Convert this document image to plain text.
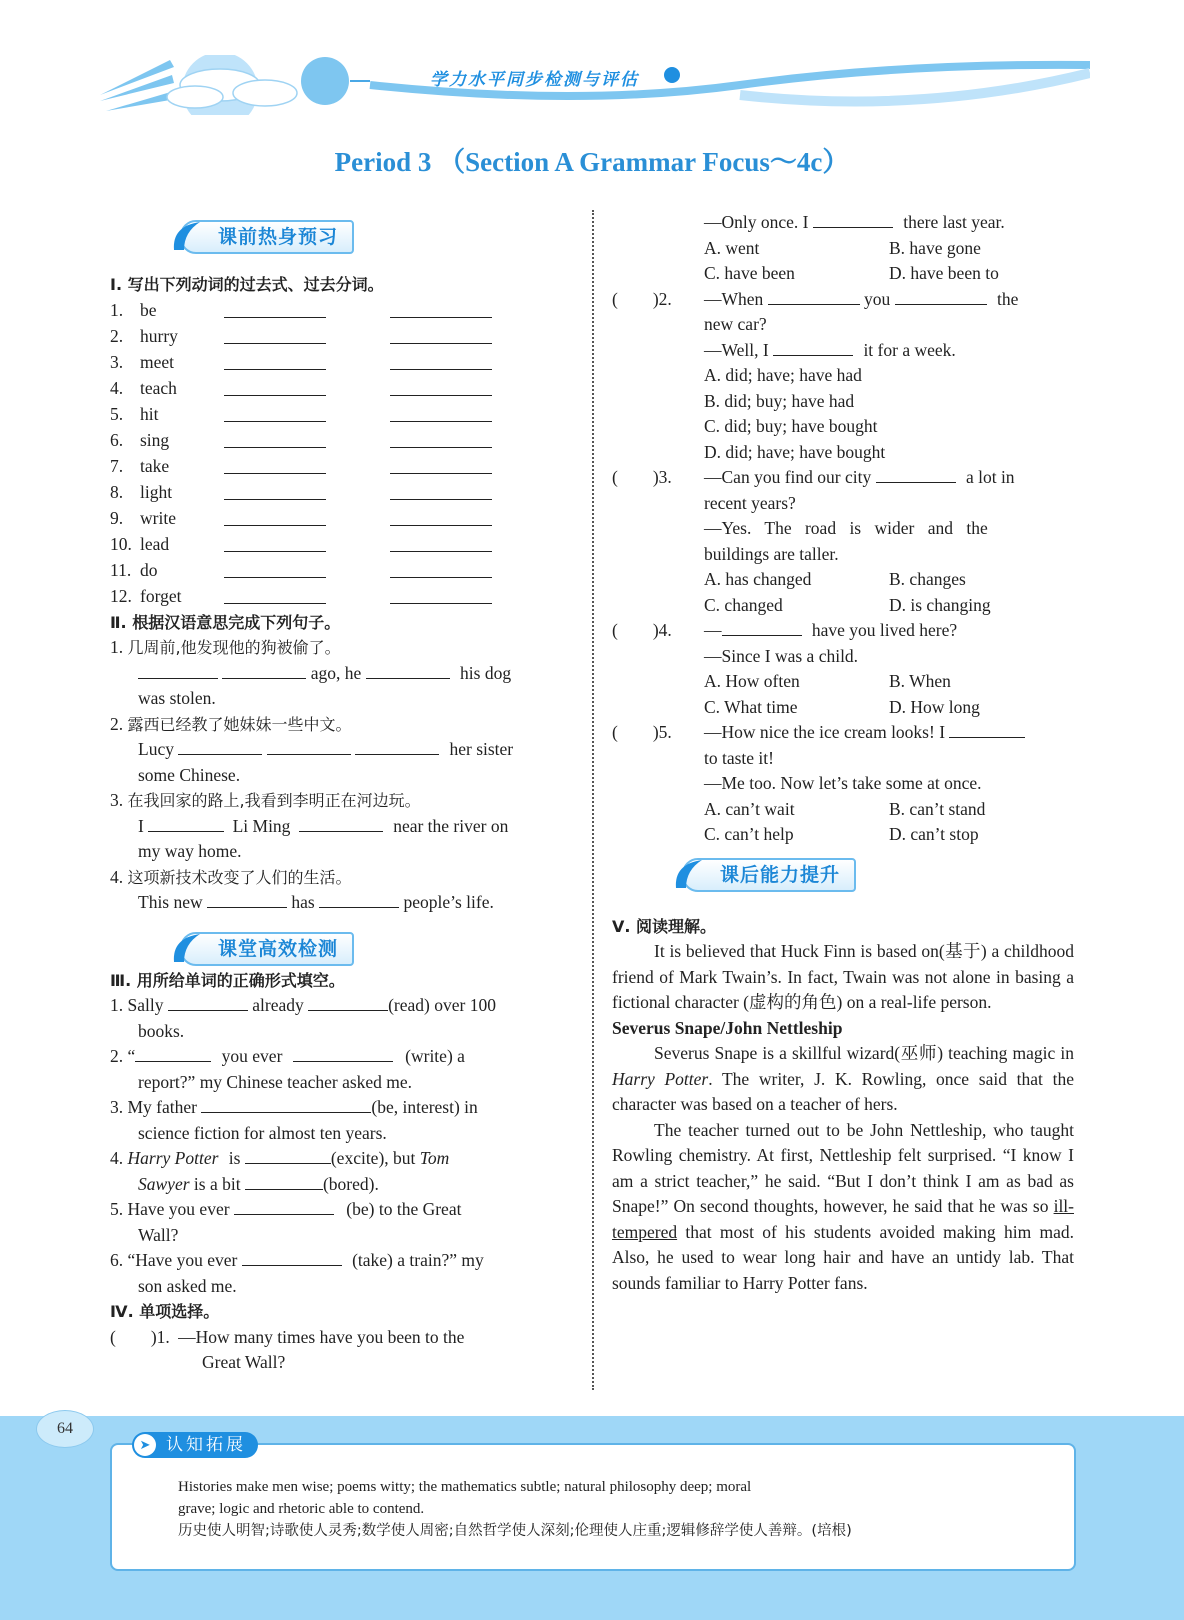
学力水平同步检测与评估
Period 3 （Section A Grammar Focus～4c）
课前热身预习
课堂高效检测
课后能力提升
Ⅰ. 写出下列动词的过去式、过去分词。
1. be
2. hurry
3. meet
4. teach
5. hit
6. sing
7. take
8. light
9. write
10. lead
11. do
12. forget
Ⅱ. 根据汉语意思完成下列句子。
1. 几周前,他发现他的狗被偷了。
ago, he	his dog
was stolen.
2. 露西已经教了她妹妹一些中文。
Lucy	her sister
some Chinese.
3. 在我回家的路上,我看到李明正在河边玩。
I	Li Ming	near the river on
my way home.
4. 这项新技术改变了人们的生活。
This new	has	people’s life.
Ⅲ. 用所给单词的正确形式填空。
1. Sally	already	(read) over 100
books.
2. “	you ever	(write) a
report?” my Chinese teacher asked me.
3. My father	(be, interest) in
science fiction for almost ten years.
4. Harry Potter is	(excite), but Tom
Sawyer is a bit	(bored).
5. Have you ever	(be) to the Great
Wall?
6. “Have you ever	(take) a train?” my
son asked me.
Ⅳ. 单项选择。
(　　)1. —How many times have you been to the
Great Wall?
—Only once. I	there last year.
A. went	B. have gone
C. have been	D. have been to
(　　)2. —When	you	the
new car?
—Well, I	it for a week.
A. did; have; have had
B. did; buy; have had
C. did; buy; have bought
D. did; have; have bought
(　　)3. —Can you find our city	a lot in
recent years?
—Yes. The road is wider and the
buildings are taller.
A. has changed	B. changes
C. changed	D. is changing
(　　)4. —	have you lived here?
—Since I was a child.
A. How often	B. When
C. What time	D. How long
(　　)5. —How nice the ice cream looks! I
to taste it!
—Me too. Now let’s take some at once.
A. can’t wait	B. can’t stand
C. can’t help	D. can’t stop
Ⅴ. 阅读理解。
It is believed that Huck Finn is based on(基于) a childhood friend of Mark Twain’s. In fact, Twain was not alone in basing a fictional character (虚构的角色) on a real-life person.
Severus Snape/John Nettleship
Severus Snape is a skillful wizard(巫师) teaching magic in Harry Potter. The writer, J. K. Rowling, once said that the character was based on a teacher of hers.
The teacher turned out to be John Nettleship, who taught Rowling chemistry. At first, Nettleship felt surprised. “I know I am a strict teacher,” he said. “But I don’t think I am as bad as Snape!” On second thoughts, however, he said that he was so ill-tempered that most of his students avoided making him mad. Also, he used to wear long hair and have an untidy lab. That sounds familiar to Harry Potter fans.
64
认知拓展
➤
Histories make men wise; poems witty; the mathematics subtle; natural philosophy deep; moral
grave; logic and rhetoric able to contend.
历史使人明智;诗歌使人灵秀;数学使人周密;自然哲学使人深刻;伦理使人庄重;逻辑修辞学使人善辩。(培根)
